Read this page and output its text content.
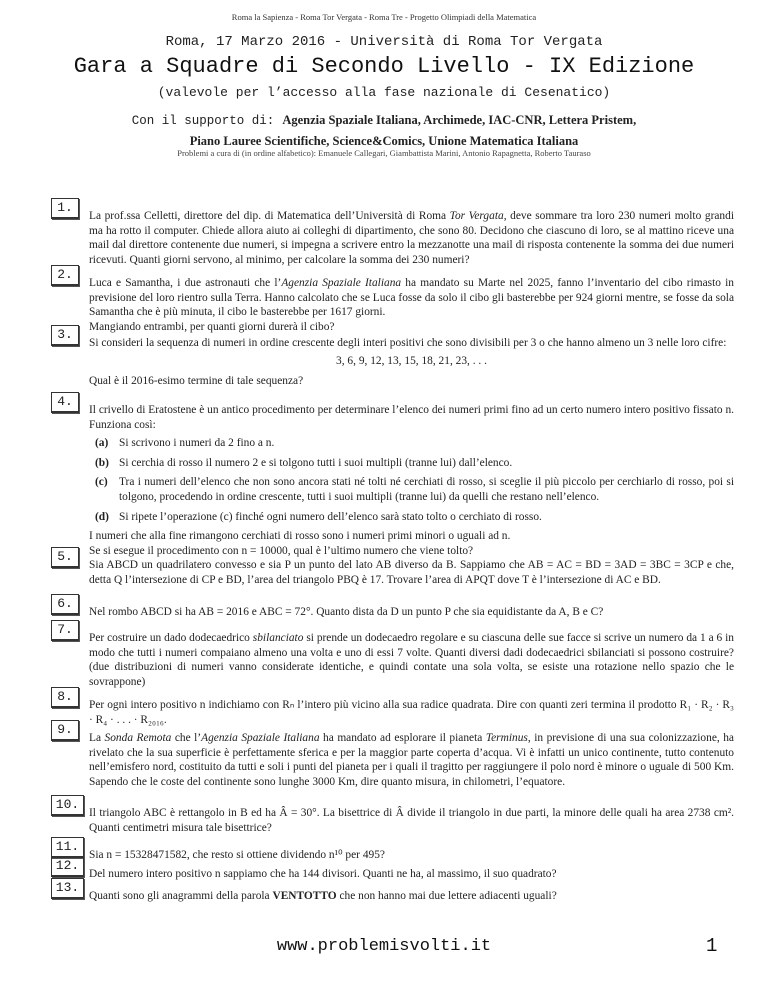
Roma la Sapienza - Roma Tor Vergata - Roma Tre - Progetto Olimpiadi della Matematica
Roma, 17 Marzo 2016 - Università di Roma Tor Vergata
Gara a Squadre di Secondo Livello - IX Edizione
(valevole per l’accesso alla fase nazionale di Cesenatico)
Con il supporto di: Agenzia Spaziale Italiana, Archimede, IAC-CNR, Lettera Pristem,
Piano Lauree Scientifiche, Science&Comics, Unione Matematica Italiana
Problemi a cura di (in ordine alfabetico): Emanuele Callegari, Giambattista Marini, Antonio Rapagnetta, Roberto Tauraso
1.
La prof.ssa Celletti, direttore del dip. di Matematica dell’Università di Roma Tor Vergata, deve sommare tra loro 230 numeri molto grandi ma ha rotto il computer. Chiede allora aiuto ai colleghi di dipartimento, che sono 80. Decidono che ciascuno di loro, se al mattino riceve una mail dal direttore contenente due numeri, si impegna a scrivere entro la mezzanotte una mail di risposta contenente la somma dei due numeri ricevuti. Quanti giorni servono, al minimo, per calcolare la somma dei 230 numeri?
2.
Luca e Samantha, i due astronauti che l’Agenzia Spaziale Italiana ha mandato su Marte nel 2025, fanno l’inventario del cibo rimasto in previsione del loro rientro sulla Terra. Hanno calcolato che se Luca fosse da solo il cibo gli basterebbe per 924 giorni mentre, se fosse da sola Samantha che è più minuta, il cibo le basterebbe per 1617 giorni.
Mangiando entrambi, per quanti giorni durerà il cibo?
3.
Si consideri la sequenza di numeri in ordine crescente degli interi positivi che sono divisibili per 3 o che hanno almeno un 3 nelle loro cifre:
3, 6, 9, 12, 13, 15, 18, 21, 23, . . .
Qual è il 2016-esimo termine di tale sequenza?
4.
Il crivello di Eratostene è un antico procedimento per determinare l’elenco dei numeri primi fino ad un certo numero intero positivo fissato n. Funziona così:
(a) Si scrivono i numeri da 2 fino a n.
(b) Si cerchia di rosso il numero 2 e si tolgono tutti i suoi multipli (tranne lui) dall’elenco.
(c) Tra i numeri dell’elenco che non sono ancora stati né tolti né cerchiati di rosso, si sceglie il più piccolo per cerchiarlo di rosso, poi si tolgono, procedendo in ordine crescente, tutti i suoi multipli (tranne lui) da quelli che restano nell’elenco.
(d) Si ripete l’operazione (c) finché ogni numero dell’elenco sarà stato tolto o cerchiato di rosso.
I numeri che alla fine rimangono cerchiati di rosso sono i numeri primi minori o uguali ad n.
Se si esegue il procedimento con n = 10000, qual è l’ultimo numero che viene tolto?
5.
Sia ABCD un quadrilatero convesso e sia P un punto del lato AB diverso da B. Sappiamo che AB = AC = BD = 3AD = 3BC = 3CP e che, detta Q l’intersezione di CP e BD, l’area del triangolo PBQ è 17. Trovare l’area di APQT dove T è l’intersezione di AC e BD.
6.
Nel rombo ABCD si ha AB = 2016 e ABC = 72°. Quanto dista da D un punto P che sia equidistante da A, B e C?
7.
Per costruire un dado dodecaedrico sbilanciato si prende un dodecaedro regolare e su ciascuna delle sue facce si scrive un numero da 1 a 6 in modo che tutti i numeri compaiano almeno una volta e uno di essi 7 volte. Quanti diversi dadi dodecaedrici sbilanciati si possono costruire? (due distribuzioni di numeri vanno considerate identiche, e quindi contate una sola volta, se esiste una rotazione nello spazio che le sovrappone)
8.
Per ogni intero positivo n indichiamo con Rₙ l’intero più vicino alla sua radice quadrata. Dire con quanti zeri termina il prodotto R₁ · R₂ · R₃ · R₄ · . . . · R₂₀₁₆.
9.
La Sonda Remota che l’Agenzia Spaziale Italiana ha mandato ad esplorare il pianeta Terminus, in previsione di una sua colonizzazione, ha rivelato che la sua superficie è perfettamente sferica e per la maggior parte coperta d’acqua. Vi è infatti un unico continente, tutto contenuto nell’emisfero nord, costituito da tutti e soli i punti del pianeta per i quali il tragitto per raggiungere il polo nord è minore o uguale di 500 Km. Sapendo che le coste del continente sono lunghe 3000 Km, dire quanto misura, in chilometri, l’equatore.
10.
Il triangolo ABC è rettangolo in B ed ha Â = 30°. La bisettrice di Â divide il triangolo in due parti, la minore delle quali ha area 2738 cm². Quanti centimetri misura tale bisettrice?
11.
Sia n = 15328471582, che resto si ottiene dividendo n¹⁰ per 495?
12.
Del numero intero positivo n sappiamo che ha 144 divisori. Quanti ne ha, al massimo, il suo quadrato?
13.
Quanti sono gli anagrammi della parola VENTOTTO che non hanno mai due lettere adiacenti uguali?
www.problemisvolti.it	1
